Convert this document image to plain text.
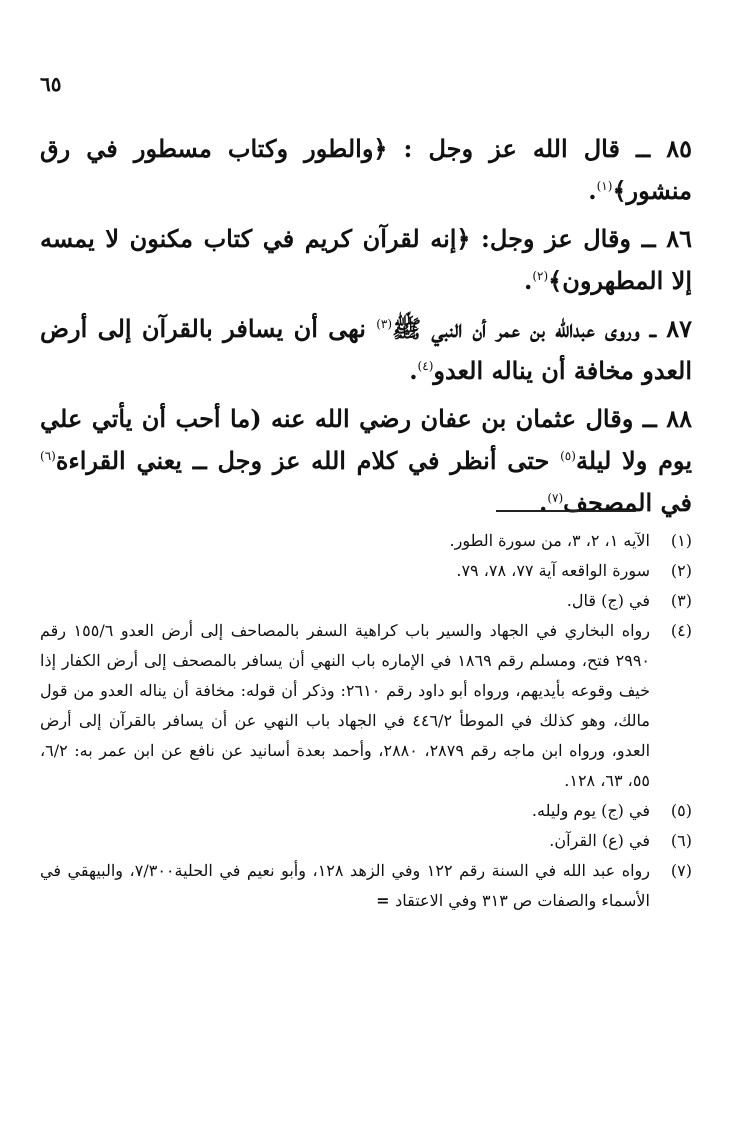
٦٥

٨٥ ــ قال الله عز وجل : ﴿والطور وكتاب مسطور في رق منشور﴾$^{(١)}$.

٨٦ ــ وقال عز وجل: ﴿إنه لقرآن كريم في كتاب مكنون لا يمسه إلا المطهرون﴾$^{(٢)}$.

٨٧ ــ وروى عبدالله بن عمر أن النبي ﷺ$^{(٣)}$ نهى أن يسافر بالقرآن إلى أرض العدو مخافة أن يناله العدو$^{(٤)}$.

٨٨ ــ وقال عثمان بن عفان رضي الله عنه (ما أحب أن يأتي علي يوم ولا ليلة$^{(٥)}$ حتى أنظر في كلام الله عز وجل ــ يعني القراءة$^{(٦)}$ في المصحف$^{(٧)}$.

(١)
الآيه ١، ٢، ٣، من سورة الطور.
(٢)
سورة الواقعه آية ٧٧، ٧٨، ٧٩.
(٣)
في (ج) قال.
(٤)
رواه البخاري في الجهاد والسير باب كراهية السفر بالمصاحف إلى أرض العدو ١٥٥/٦ رقم ٢٩٩٠ فتح، ومسلم رقم ١٨٦٩ في الإماره باب النهي أن يسافر بالمصحف إلى أرض الكفار إذا خيف وقوعه بأيديهم، ورواه أبو داود رقم ٢٦١٠: وذكر أن قوله: مخافة أن يناله العدو من قول مالك، وهو كذلك في الموطأ ٤٤٦/٢ في الجهاد باب النهي عن أن يسافر بالقرآن إلى أرض العدو، ورواه ابن ماجه رقم ٢٨٧٩، ٢٨٨٠، وأحمد بعدة أسانيد عن نافع عن ابن عمر به: ٦/٢، ٥٥، ٦٣، ١٢٨.
(٥)
في (ج) يوم وليله.
(٦)
في (ع) القرآن.
(٧)
رواه عبد الله في السنة رقم ١٢٢ وفي الزهد ١٢٨، وأبو نعيم في الحلية٧/٣٠٠، والبيهقي في الأسماء والصفات ص ٣١٣ وفي الاعتقاد =
